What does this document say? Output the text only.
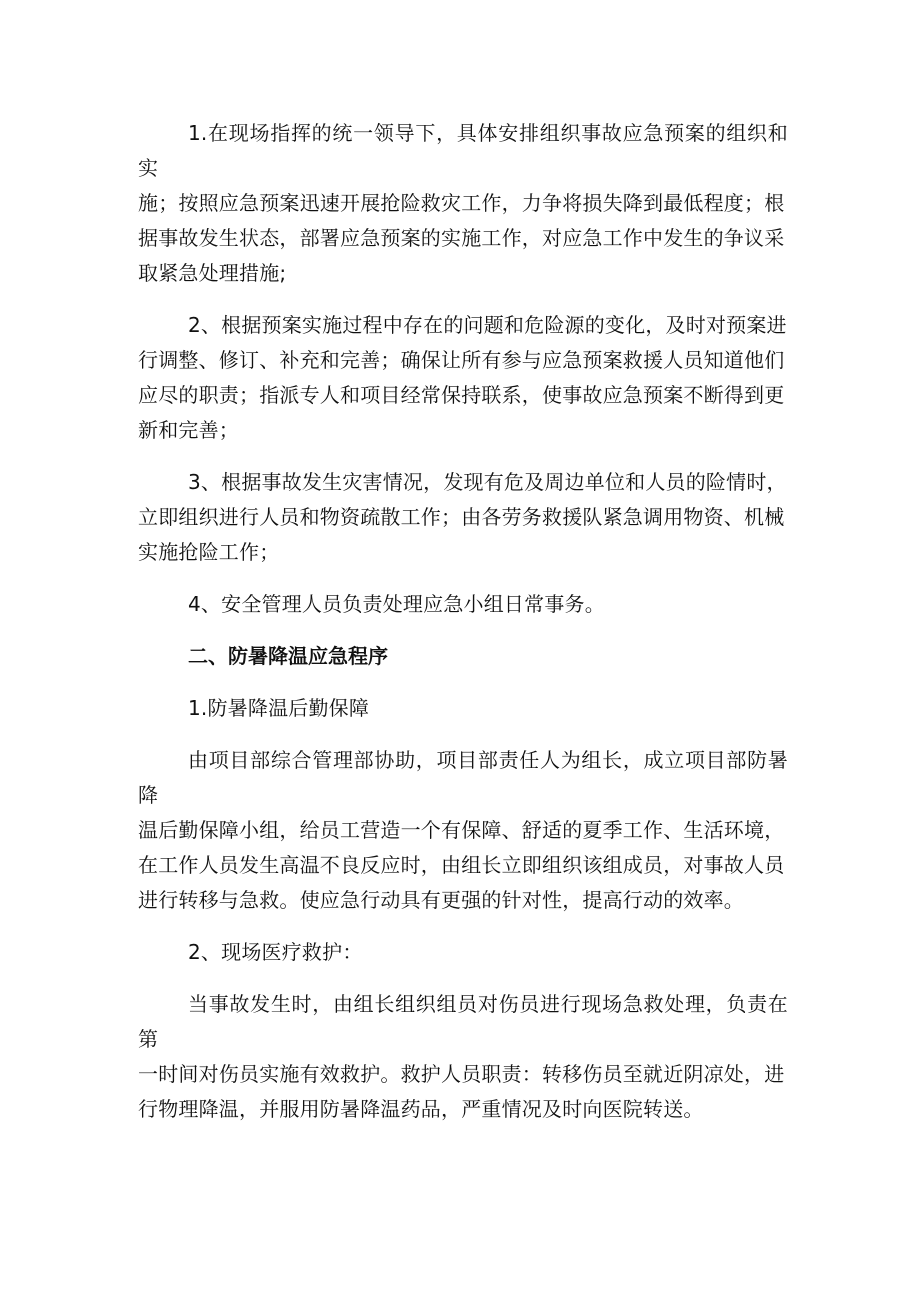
1.在现场指挥的统一领导下，具体安排组织事故应急预案的组织和实
施；按照应急预案迅速开展抢险救灾工作，力争将损失降到最低程度；根
据事故发生状态，部署应急预案的实施工作，对应急工作中发生的争议采
取紧急处理措施;

2、根据预案实施过程中存在的问题和危险源的变化，及时对预案进
行调整、修订、补充和完善；确保让所有参与应急预案救援人员知道他们
应尽的职责；指派专人和项目经常保持联系，使事故应急预案不断得到更
新和完善；

3、根据事故发生灾害情况，发现有危及周边单位和人员的险情时，
立即组织进行人员和物资疏散工作；由各劳务救援队紧急调用物资、机械
实施抢险工作；

4、安全管理人员负责处理应急小组日常事务。

二、防暑降温应急程序

1.防暑降温后勤保障

由项目部综合管理部协助，项目部责任人为组长，成立项目部防暑降
温后勤保障小组，给员工营造一个有保障、舒适的夏季工作、生活环境，
在工作人员发生高温不良反应时，由组长立即组织该组成员，对事故人员
进行转移与急救。使应急行动具有更强的针对性，提高行动的效率。

2、现场医疗救护：

当事故发生时，由组长组织组员对伤员进行现场急救处理，负责在第
一时间对伤员实施有效救护。救护人员职责：转移伤员至就近阴凉处，进
行物理降温，并服用防暑降温药品，严重情况及时向医院转送。
